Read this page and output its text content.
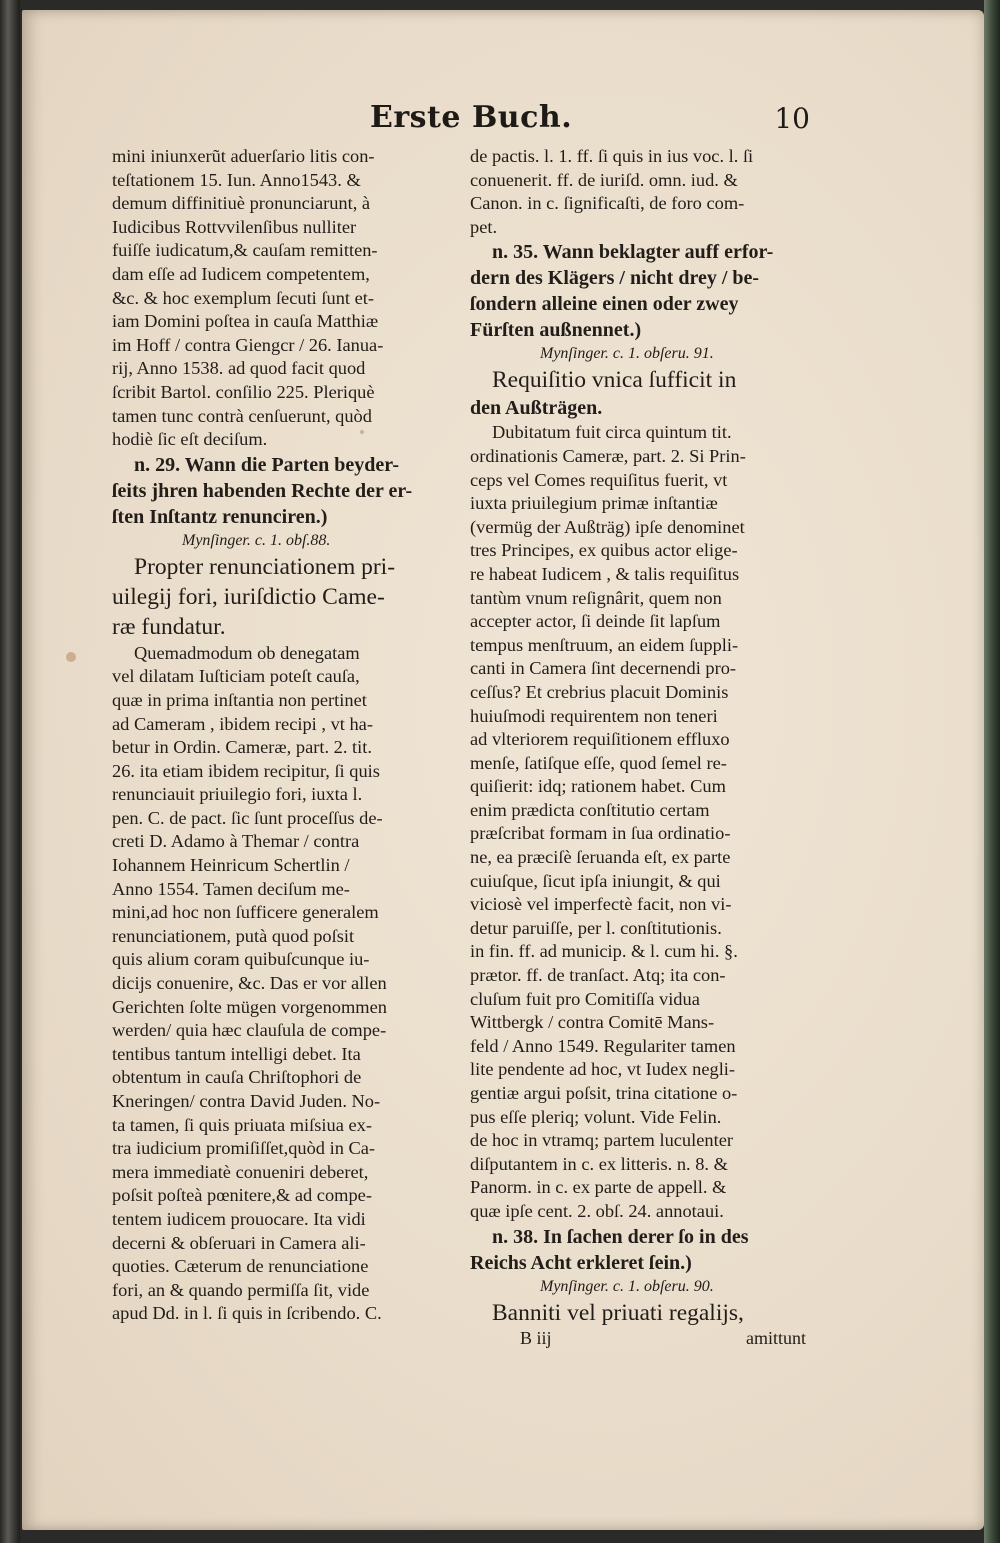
Erste Buch.	10
mini iniunxerũt aduerſario litis con-
teſtationem 15. Iun. Anno1543. &
demum diffinitiuè pronunciarunt, à
Iudicibus Rottvvilenſibus nulliter
fuiſſe iudicatum,& cauſam remitten-
dam eſſe ad Iudicem competentem,
&c. & hoc exemplum ſecuti ſunt et-
iam Domini poſtea in cauſa Matthiæ
im Hoff / contra Giengcr / 26. Ianua-
rij, Anno 1538. ad quod facit quod
ſcribit Bartol. conſilio 225. Pleriquè
tamen tunc contrà cenſuerunt, quòd
hodiè ſic eſt deciſum.
n. 29. Wann die Parten beyder-
ſeits jhren habenden Rechte der er-
ſten Inſtantz renunciren.)
Mynſinger. c. 1. obſ.88.
Propter renunciationem pri-
uilegij fori, iuriſdictio Came-
ræ fundatur.
Quemadmodum ob denegatam
vel dilatam Iuſticiam poteſt cauſa,
quæ in prima inſtantia non pertinet
ad Cameram , ibidem recipi , vt ha-
betur in Ordin. Cameræ, part. 2. tit.
26. ita etiam ibidem recipitur, ſi quis
renunciauit priuilegio fori, iuxta l.
pen. C. de pact. ſic ſunt proceſſus de-
creti D. Adamo à Themar / contra
Iohannem Heinricum Schertlin /
Anno 1554. Tamen deciſum me-
mini,ad hoc non ſufficere generalem
renunciationem, putà quod poſsit
quis alium coram quibuſcunque iu-
dicijs conuenire, &c. Das er vor allen
Gerichten ſolte mügen vorgenommen
werden/ quia hæc clauſula de compe-
tentibus tantum intelligi debet. Ita
obtentum in cauſa Chriſtophori de
Kneringen/ contra David Juden. No-
ta tamen, ſi quis priuata miſsiua ex-
tra iudicium promiſiſſet,quòd in Ca-
mera immediatè conueniri deberet,
poſsit poſteà pœnitere,& ad compe-
tentem iudicem prouocare. Ita vidi
decerni & obſeruari in Camera ali-
quoties. Cæterum de renunciatione
fori, an & quando permiſſa ſit, vide
apud Dd. in l. ſi quis in ſcribendo. C.
de pactis. l. 1. ff. ſi quis in ius voc. l. ſi
conuenerit. ff. de iuriſd. omn. iud. &
Canon. in c. ſignificaſti, de foro com-
pet.
n. 35. Wann beklagter auff erfor-
dern des Klägers / nicht drey / be-
ſondern alleine einen oder zwey
Fürſten außnennet.)
Mynſinger. c. 1. obſeru. 91.
Requiſitio vnica ſufficit in
den Außträgen.
Dubitatum fuit circa quintum tit.
ordinationis Cameræ, part. 2. Si Prin-
ceps vel Comes requiſitus fuerit, vt
iuxta priuilegium primæ inſtantiæ
(vermüg der Außträg) ipſe denominet
tres Principes, ex quibus actor elige-
re habeat Iudicem , & talis requiſitus
tantùm vnum reſignârit, quem non
accepter actor, ſi deinde ſit lapſum
tempus menſtruum, an eidem ſuppli-
canti in Camera ſint decernendi pro-
ceſſus? Et crebrius placuit Dominis
huiuſmodi requirentem non teneri
ad vlteriorem requiſitionem effluxo
menſe, ſatiſque eſſe, quod ſemel re-
quiſierit: idq; rationem habet. Cum
enim prædicta conſtitutio certam
præſcribat formam in ſua ordinatio-
ne, ea præciſè ſeruanda eſt, ex parte
cuiuſque, ſicut ipſa iniungit, & qui
viciosè vel imperfectè facit, non vi-
detur paruiſſe, per l. conſtitutionis.
in fin. ff. ad municip. & l. cum hi. §.
prætor. ff. de tranſact. Atq; ita con-
cluſum fuit pro Comitiſſa vidua
Wittbergk / contra Comitē Mans-
feld / Anno 1549. Regulariter tamen
lite pendente ad hoc, vt Iudex negli-
gentiæ argui poſsit, trina citatione o-
pus eſſe pleriq; volunt. Vide Felin.
de hoc in vtramq; partem luculenter
diſputantem in c. ex litteris. n. 8. &
Panorm. in c. ex parte de appell. &
quæ ipſe cent. 2. obſ. 24. annotaui.
n. 38. In ſachen derer ſo in des
Reichs Acht erkleret ſein.)
Mynſinger. c. 1. obſeru. 90.
Banniti vel priuati regalijs,
B iij	amittunt
